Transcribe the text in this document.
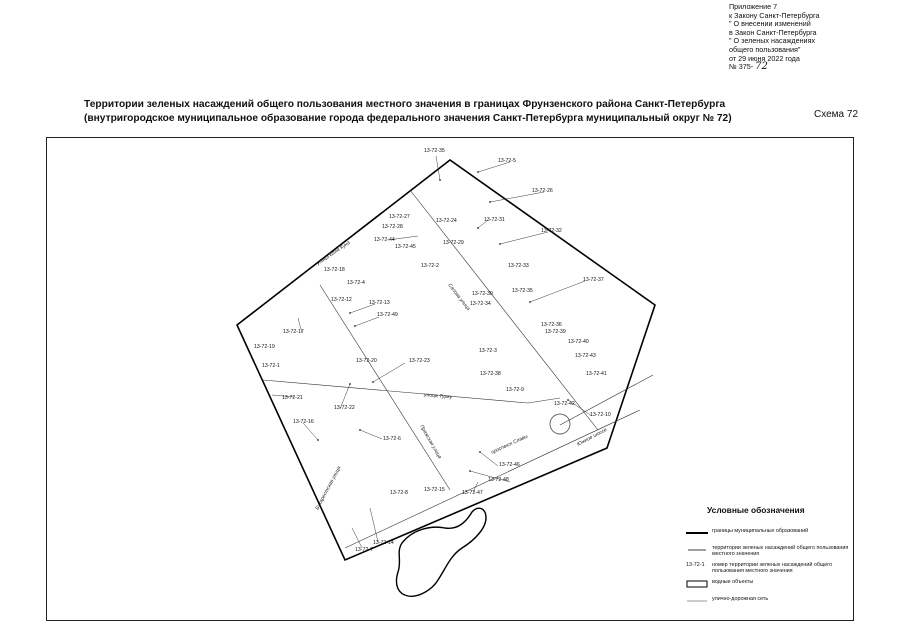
Приложение 7
к Закону Санкт-Петербурга
" О внесении изменений
в Закон Санкт-Петербурга
" О зеленых насаждениях
общего пользования"
от 29 июня 2022 года
№ 375- 72
Территории зеленых насаждений общего пользования местного значения в границах Фрунзенского района Санкт-Петербурга
(внутригородское муниципальное образование города федерального значения Санкт-Петербурга муниципальный округ № 72)	Схема 72
улица Бела Куна
Салова улица
улица Турку
проспект Славы	Южное шоссе
Бухарестская улица
Пражская улица
13-72-35
13-72-5
13-72-26
13-72-27
13-72-28
13-72-24	13-72-31
13-72-32
13-72-44	13-72-29
13-72-45
13-72-2	13-72-33
13-72-37
13-72-18
13-72-4
13-72-30	13-72-35
13-72-34
13-72-12	13-72-13
13-72-49
13-72-36
13-72-39
13-72-17
13-72-40
13-72-19
13-72-3
13-72-43
13-72-20	13-72-23
13-72-1
13-72-38	13-72-41
13-72-9
13-72-21
13-72-42
13-72-22
13-72-10
13-72-16
13-72-6
13-72-46
13-72-48
13-72-15
13-72-8	13-72-47
13-72-14
13-72-7
Условные обозначения
границы муниципальных образований
территории зеленых насаждений общего пользования местного значения
13-72-1	номер территории зеленых насаждений общего пользования местного значения
водные объекты
улично-дорожная сеть
